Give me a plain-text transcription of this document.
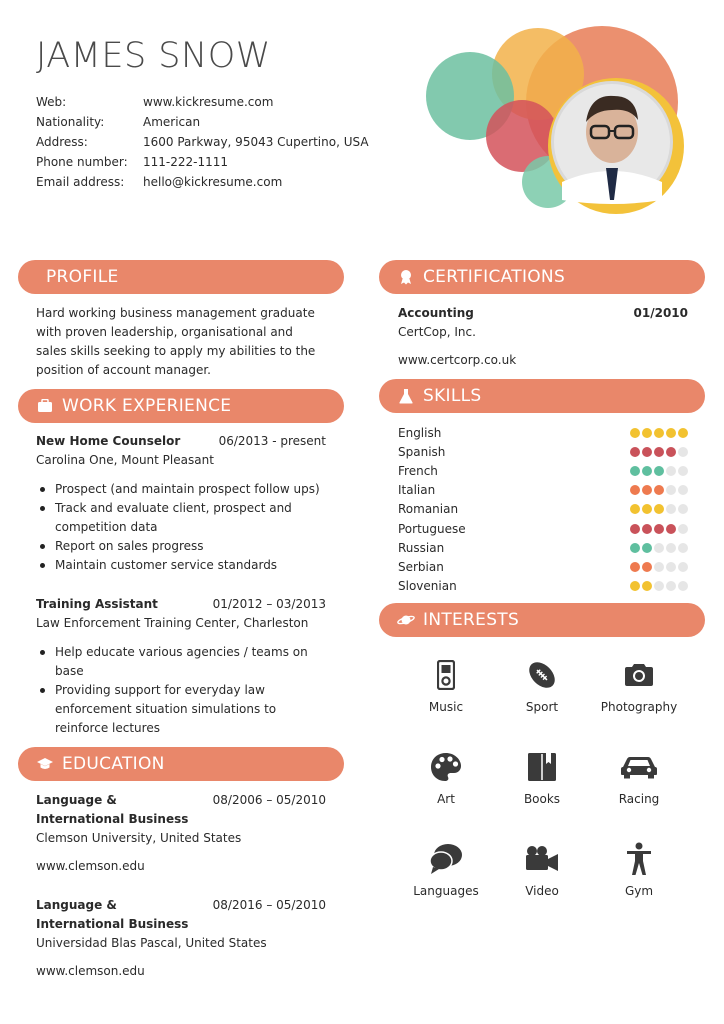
JAMES SNOW
Web:	www.kickresume.com
Nationality:	American
Address:	1600 Parkway, 95043 Cupertino, USA
Phone number:	111-222-1111
Email address:	hello@kickresume.com
PROFILE
Hard working business management graduate with proven leadership, organisational and sales skills seeking to apply my abilities to the position of account manager.
WORK EXPERIENCE
New Home Counselor	06/2013 - present
Carolina One, Mount Pleasant
Prospect (and maintain prospect follow ups)
Track and evaluate client, prospect and competition data
Report on sales progress
Maintain customer service standards
Training Assistant	01/2012 – 03/2013
Law Enforcement Training Center, Charleston
Help educate various agencies / teams on base
Providing support for everyday law enforcement situation simulations to reinforce lectures
EDUCATION
Language & International Business
08/2006 – 05/2010
Clemson University, United States
www.clemson.edu
Language & International Business
08/2016 – 05/2010
Universidad Blas Pascal, United States
www.clemson.edu
CERTIFICATIONS
Accounting	01/2010
CertCop, Inc.
www.certcorp.co.uk
SKILLS
English
Spanish
French
Italian
Romanian
Portuguese
Russian
Serbian
Slovenian
INTERESTS
Music	Sport	Photography
Art	Books	Racing
Languages	Video	Gym
